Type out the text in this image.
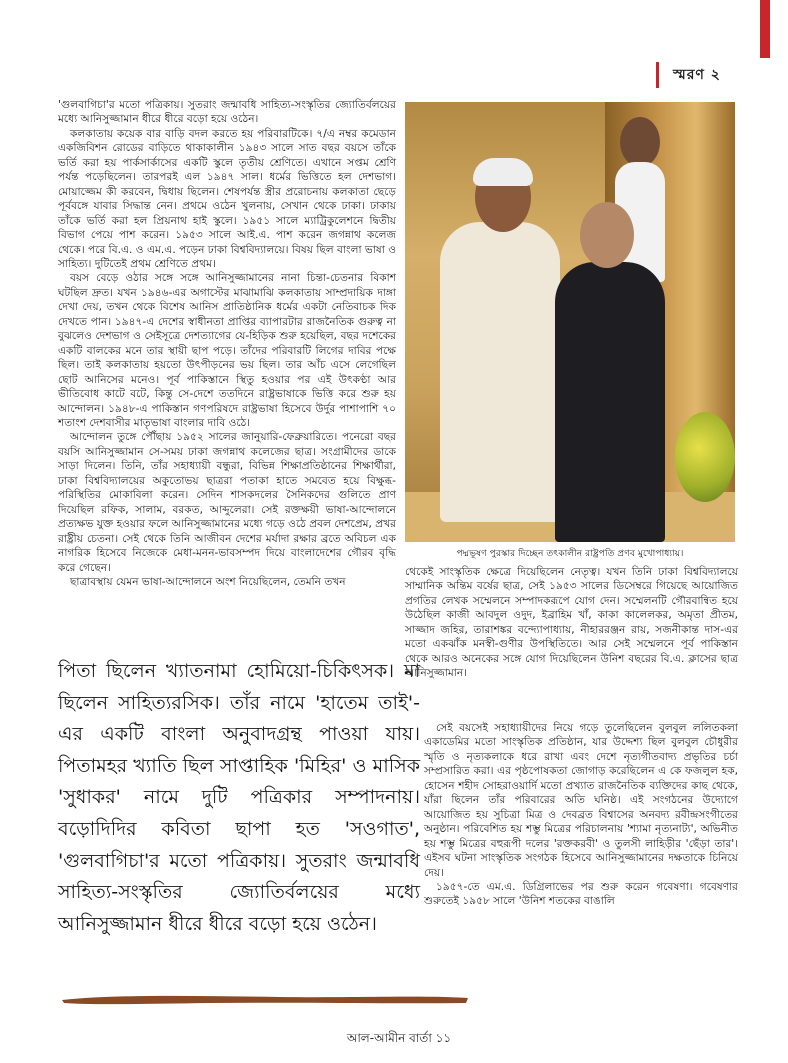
স্মরণ ২

'গুলবাগিচা'র মতো পত্রিকায়। সুতরাং জন্মাবধি সাহিত্য-সংস্কৃতির জ্যোতির্বলয়ের মধ্যে আনিসুজ্জামান ধীরে ধীরে বড়ো হয়ে ওঠেন।

কলকাতায় কয়েক বার বাড়ি বদল করতে হয় পরিবারটিকে। ৭/এ নম্বর কমেডান একজিবিশন রোডের বাড়িতে থাকাকালীন ১৯৪৩ সালে সাত বছর বয়সে তাঁকে ভর্তি করা হয় পার্কসার্কাসের একটি স্কুলে তৃতীয় শ্রেণিতে। এখানে সপ্তম শ্রেণি পর্যন্ত পড়েছিলেন। তারপরই এল ১৯৪৭ সাল। ধর্মের ভিত্তিতে হল দেশভাগ। মোয়াজ্জেম কী করবেন, দ্বিধায় ছিলেন। শেষপর্যন্ত স্ত্রীর প্ররোচনায় কলকাতা ছেড়ে পূর্ববঙ্গে যাবার সিদ্ধান্ত নেন। প্রথমে ওঠেন খুলনায়, সেখান থেকে ঢাকা। ঢাকায় তাঁকে ভর্তি করা হল প্রিয়নাথ হাই স্কুলে। ১৯৫১ সালে ম্যাট্রিকুলেশনে দ্বিতীয় বিভাগ পেয়ে পাশ করেন। ১৯৫৩ সালে আই.এ. পাশ করেন জগন্নাথ কলেজ থেকে। পরে বি.এ. ও এম.এ. পড়েন ঢাকা বিশ্ববিদ্যালয়ে। বিষয় ছিল বাংলা ভাষা ও সাহিত্য। দুটিতেই প্রথম শ্রেণিতে প্রথম।

বয়স বেড়ে ওঠার সঙ্গে সঙ্গে আনিসুজ্জামানের নানা চিন্তা-চেতনার বিকাশ ঘটছিল দ্রুত। যখন ১৯৪৬-এর অগাস্টের মাঝামাঝি কলকাতায় সাম্প্রদায়িক দাঙ্গা দেখা দেয়, তখন থেকে বিশেষ আনিস প্রাতিষ্ঠানিক ধর্মের একটা নেতিবাচক দিক দেখতে পান। ১৯৪৭-এ দেশের স্বাধীনতা প্রাপ্তির ব্যাপারটার রাজনৈতিক গুরুত্ব না বুঝলেও দেশভাগ ও সেইসূত্রে দেশত্যাগের যে-হিড়িক শুরু হয়েছিল, বছর দশেকের একটি বালকের মনে তার স্থায়ী ছাপ পড়ে। তাঁদের পরিবারটি লিগের দাবির পক্ষে ছিল। তাই কলকাতায় হয়তো উৎপীড়নের ভয় ছিল। তার আঁচ এসে লেগেছিল ছোট আনিসের মনেও। পূর্ব পাকিস্তানে স্থিতু হওয়ার পর এই উৎকণ্ঠা আর ভীতিবোধ কাটে বটে, কিন্তু সে-দেশে ততদিনে রাষ্ট্রভাষাকে ভিত্তি করে শুরু হয় আন্দোলন। ১৯৪৮-এ পাকিস্তান গণপরিষদে রাষ্ট্রভাষা হিসেবে উর্দুর পাশাপাশি ৭০ শতাংশ দেশবাসীর মাতৃভাষা বাংলার দাবি ওঠে।

আন্দোলন তুঙ্গে পৌঁছায় ১৯৫২ সালের জানুয়ারি-ফেব্রুয়ারিতে। পনেরো বছর বয়সি আনিসুজ্জামান সে-সময় ঢাকা জগন্নাথ কলেজের ছাত্র। সংগ্রামীদের ডাকে সাড়া দিলেন। তিনি, তাঁর সহাধ্যায়ী বন্ধুরা, বিভিন্ন শিক্ষাপ্রতিষ্ঠানের শিক্ষার্থীরা, ঢাকা বিশ্ববিদ্যালয়ের অকুতোভয় ছাত্ররা পতাকা হাতে সমবেত হয়ে বিক্ষুব্ধ-পরিস্থিতির মোকাবিলা করেন। সেদিন শাসকদলের সৈনিকদের গুলিতে প্রাণ দিয়েছিল রফিক, সালাম, বরকত, আব্দুলেরা। সেই রক্তক্ষয়ী ভাষা-আন্দোলনে প্রত্যক্ষভ যুক্ত হওয়ার ফলে আনিসুজ্জামানের মধ্যে গড়ে ওঠে প্রবল দেশপ্রেম, প্রখর রাষ্ট্রীয় চেতনা। সেই থেকে তিনি আজীবন দেশের মর্যাদা রক্ষার ব্রতে অবিচল এক নাগরিক হিসেবে নিজেকে মেধা-মনন-ভাবসম্পদ দিয়ে বাংলাদেশের গৌরব বৃদ্ধি করে গেছেন।

ছাত্রাবস্থায় যেমন ভাষা-আন্দোলনে অংশ নিয়েছিলেন, তেমনি তখন

পদ্মভূষণ পুরস্কার দিচ্ছেন তৎকালীন রাষ্ট্রপতি প্রণব মুখোপাধ্যায়।

থেকেই সাংস্কৃতিক ক্ষেত্রে দিয়েছিলেন নেতৃত্ব। যখন তিনি ঢাকা বিশ্ববিদ্যালয়ে সাম্মানিক অন্তিম বর্ষের ছাত্র, সেই ১৯৫৩ সালের ডিসেম্বরে গিয়েছে আয়োজিত প্রগতির লেখক সম্মেলনে সম্পাদকরূপে যোগ দেন। সম্মেলনটি গৌরবান্বিত হয়ে উঠেছিল কাজী আবদুল ওদুদ, ইব্রাহিম খাঁ, কাকা কালেলকর, অমৃতা প্রীতম, সাজ্জাদ জহির, তারাশঙ্কর বন্দ্যোপাধ্যায়, নীহাররঞ্জন রায়, সজনীকান্ত দাস-এর মতো একঝাঁক মনস্বী-গুণীর উপস্থিতিতে। আর সেই সম্মেলনে পূর্ব পাকিস্তান থেকে আরও অনেকের সঙ্গে যোগ দিয়েছিলেন উনিশ বছরের বি.এ. ক্লাসের ছাত্র আনিসুজ্জামান।

পিতা ছিলেন খ্যাতনামা হোমিয়ো-চিকিৎসক। মা ছিলেন সাহিত্যরসিক। তাঁর নামে 'হাতেম তাই'-এর একটি বাংলা অনুবাদগ্রন্থ পাওয়া যায়। পিতামহর খ্যাতি ছিল সাপ্তাহিক 'মিহির' ও মাসিক 'সুধাকর' নামে দুটি পত্রিকার সম্পাদনায়। বড়োদিদির কবিতা ছাপা হত 'সওগাত', 'গুলবাগিচা'র মতো পত্রিকায়। সুতরাং জন্মাবধি সাহিত্য-সংস্কৃতির জ্যোতির্বলয়ের মধ্যে আনিসুজ্জামান ধীরে ধীরে বড়ো হয়ে ওঠেন।

সেই বয়সেই সহাধ্যায়ীদের নিয়ে গড়ে তুলেছিলেন বুলবুল ললিতকলা একাডেমির মতো সাংস্কৃতিক প্রতিষ্ঠান, যার উদ্দেশ্য ছিল বুলবুল চৌধুরীর স্মৃতি ও নৃত্যকলাকে ধরে রাখা এবং দেশে নৃত্যগীতবাদ্য প্রভৃতির চর্চা সম্প্রসারিত করা। এর পৃষ্ঠপোষকতা জোগাড় করেছিলেন এ কে ফজলুল হক, হোসেন শহীদ সোহরাওয়ার্দি মতো প্রখ্যাত রাজনৈতিক ব্যক্তিদের কাছ থেকে, যাঁরা ছিলেন তাঁর পরিবারের অতি ঘনিষ্ঠ। এই সংগঠনের উদ্যোগে আয়োজিত হয় সুচিত্রা মিত্র ও দেবব্রত বিশ্বাসের অনবদ্য রবীন্দ্রসংগীতের অনুষ্ঠান। পরিবেশিত হয় শম্ভু মিত্রের পরিচালনায় 'শ্যামা নৃত্যনাট্য', অভিনীত হয় শম্ভু মিত্রের বহুরূপী দলের 'রক্তকরবী' ও তুলসী লাহিড়ীর 'ছেঁড়া তার'। এইসব ঘটনা সাংস্কৃতিক সংগঠক হিসেবে আনিসুজ্জামানের দক্ষতাকে চিনিয়ে দেয়।

১৯৫৭-তে এম.এ. ডিগ্রিলাভের পর শুরু করেন গবেষণা। গবেষণার শুরুতেই ১৯৫৮ সালে 'উনিশ শতকের বাঙালি

আল-আমীন বার্তা ১১
